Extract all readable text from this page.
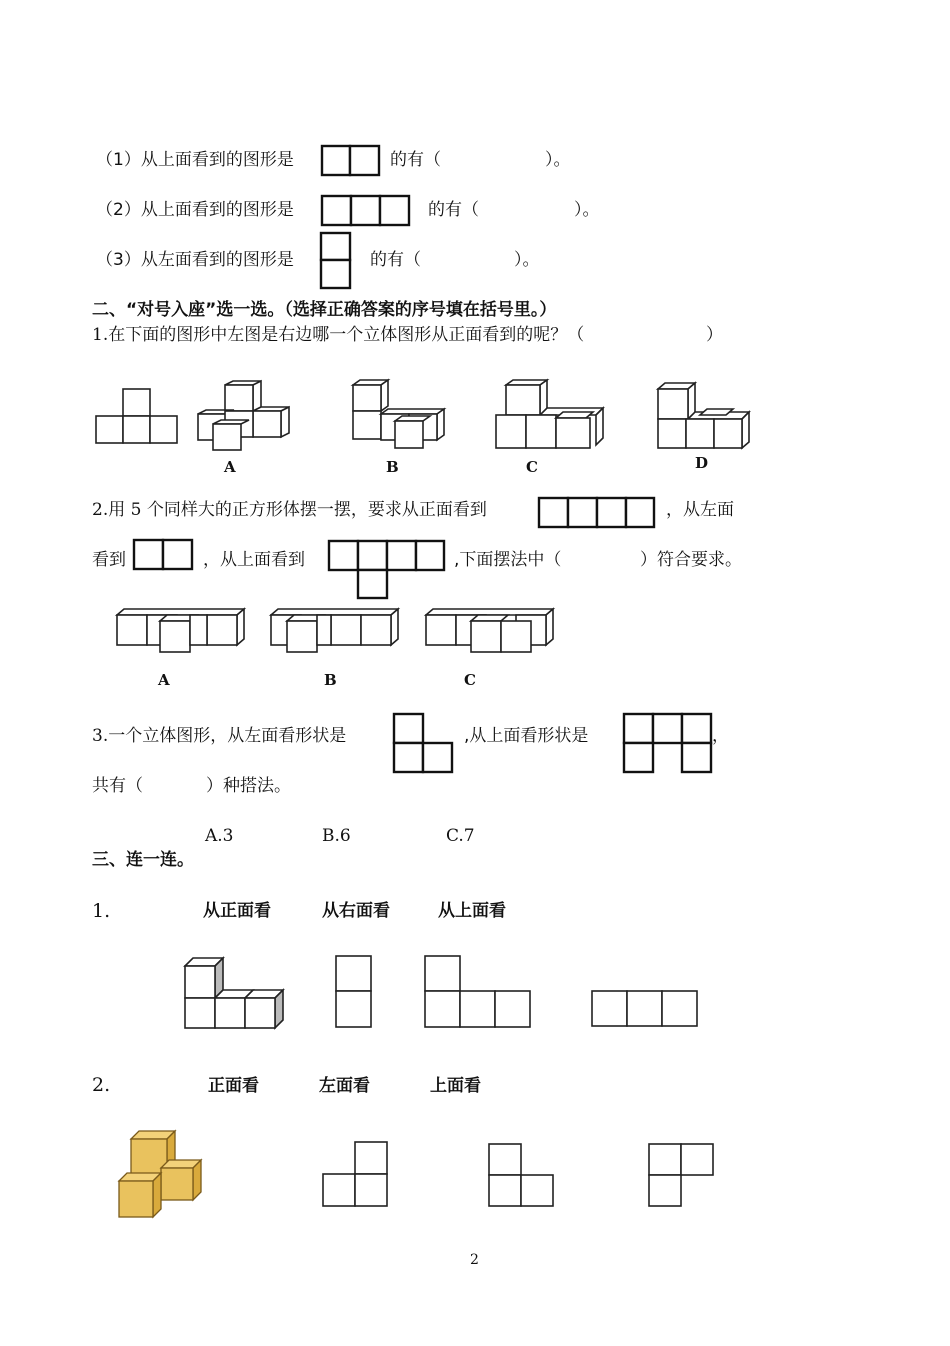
（1）从上面看到的图形是	的有（	）。
（2）从上面看到的图形是	的有（	）。
（3）从左面看到的图形是	的有（	）。
二、“对号入座”选一选。（选择正确答案的序号填在括号里。）
1.在下面的图形中左图是右边哪一个立体图形从正面看到的呢？（	）
A	B	C	D
2.用 5 个同样大的正方形体摆一摆，要求从正面看到	，从左面
看到	，从上面看到	,下面摆法中（	）符合要求。
A	B	C
3.一个立体图形，从左面看形状是	,从上面看形状是	，
共有（	）种搭法。
A.3	B.6	C.7
三、连一连。
1.	从正面看	从右面看	从上面看
2.	正面看	左面看	上面看
2
